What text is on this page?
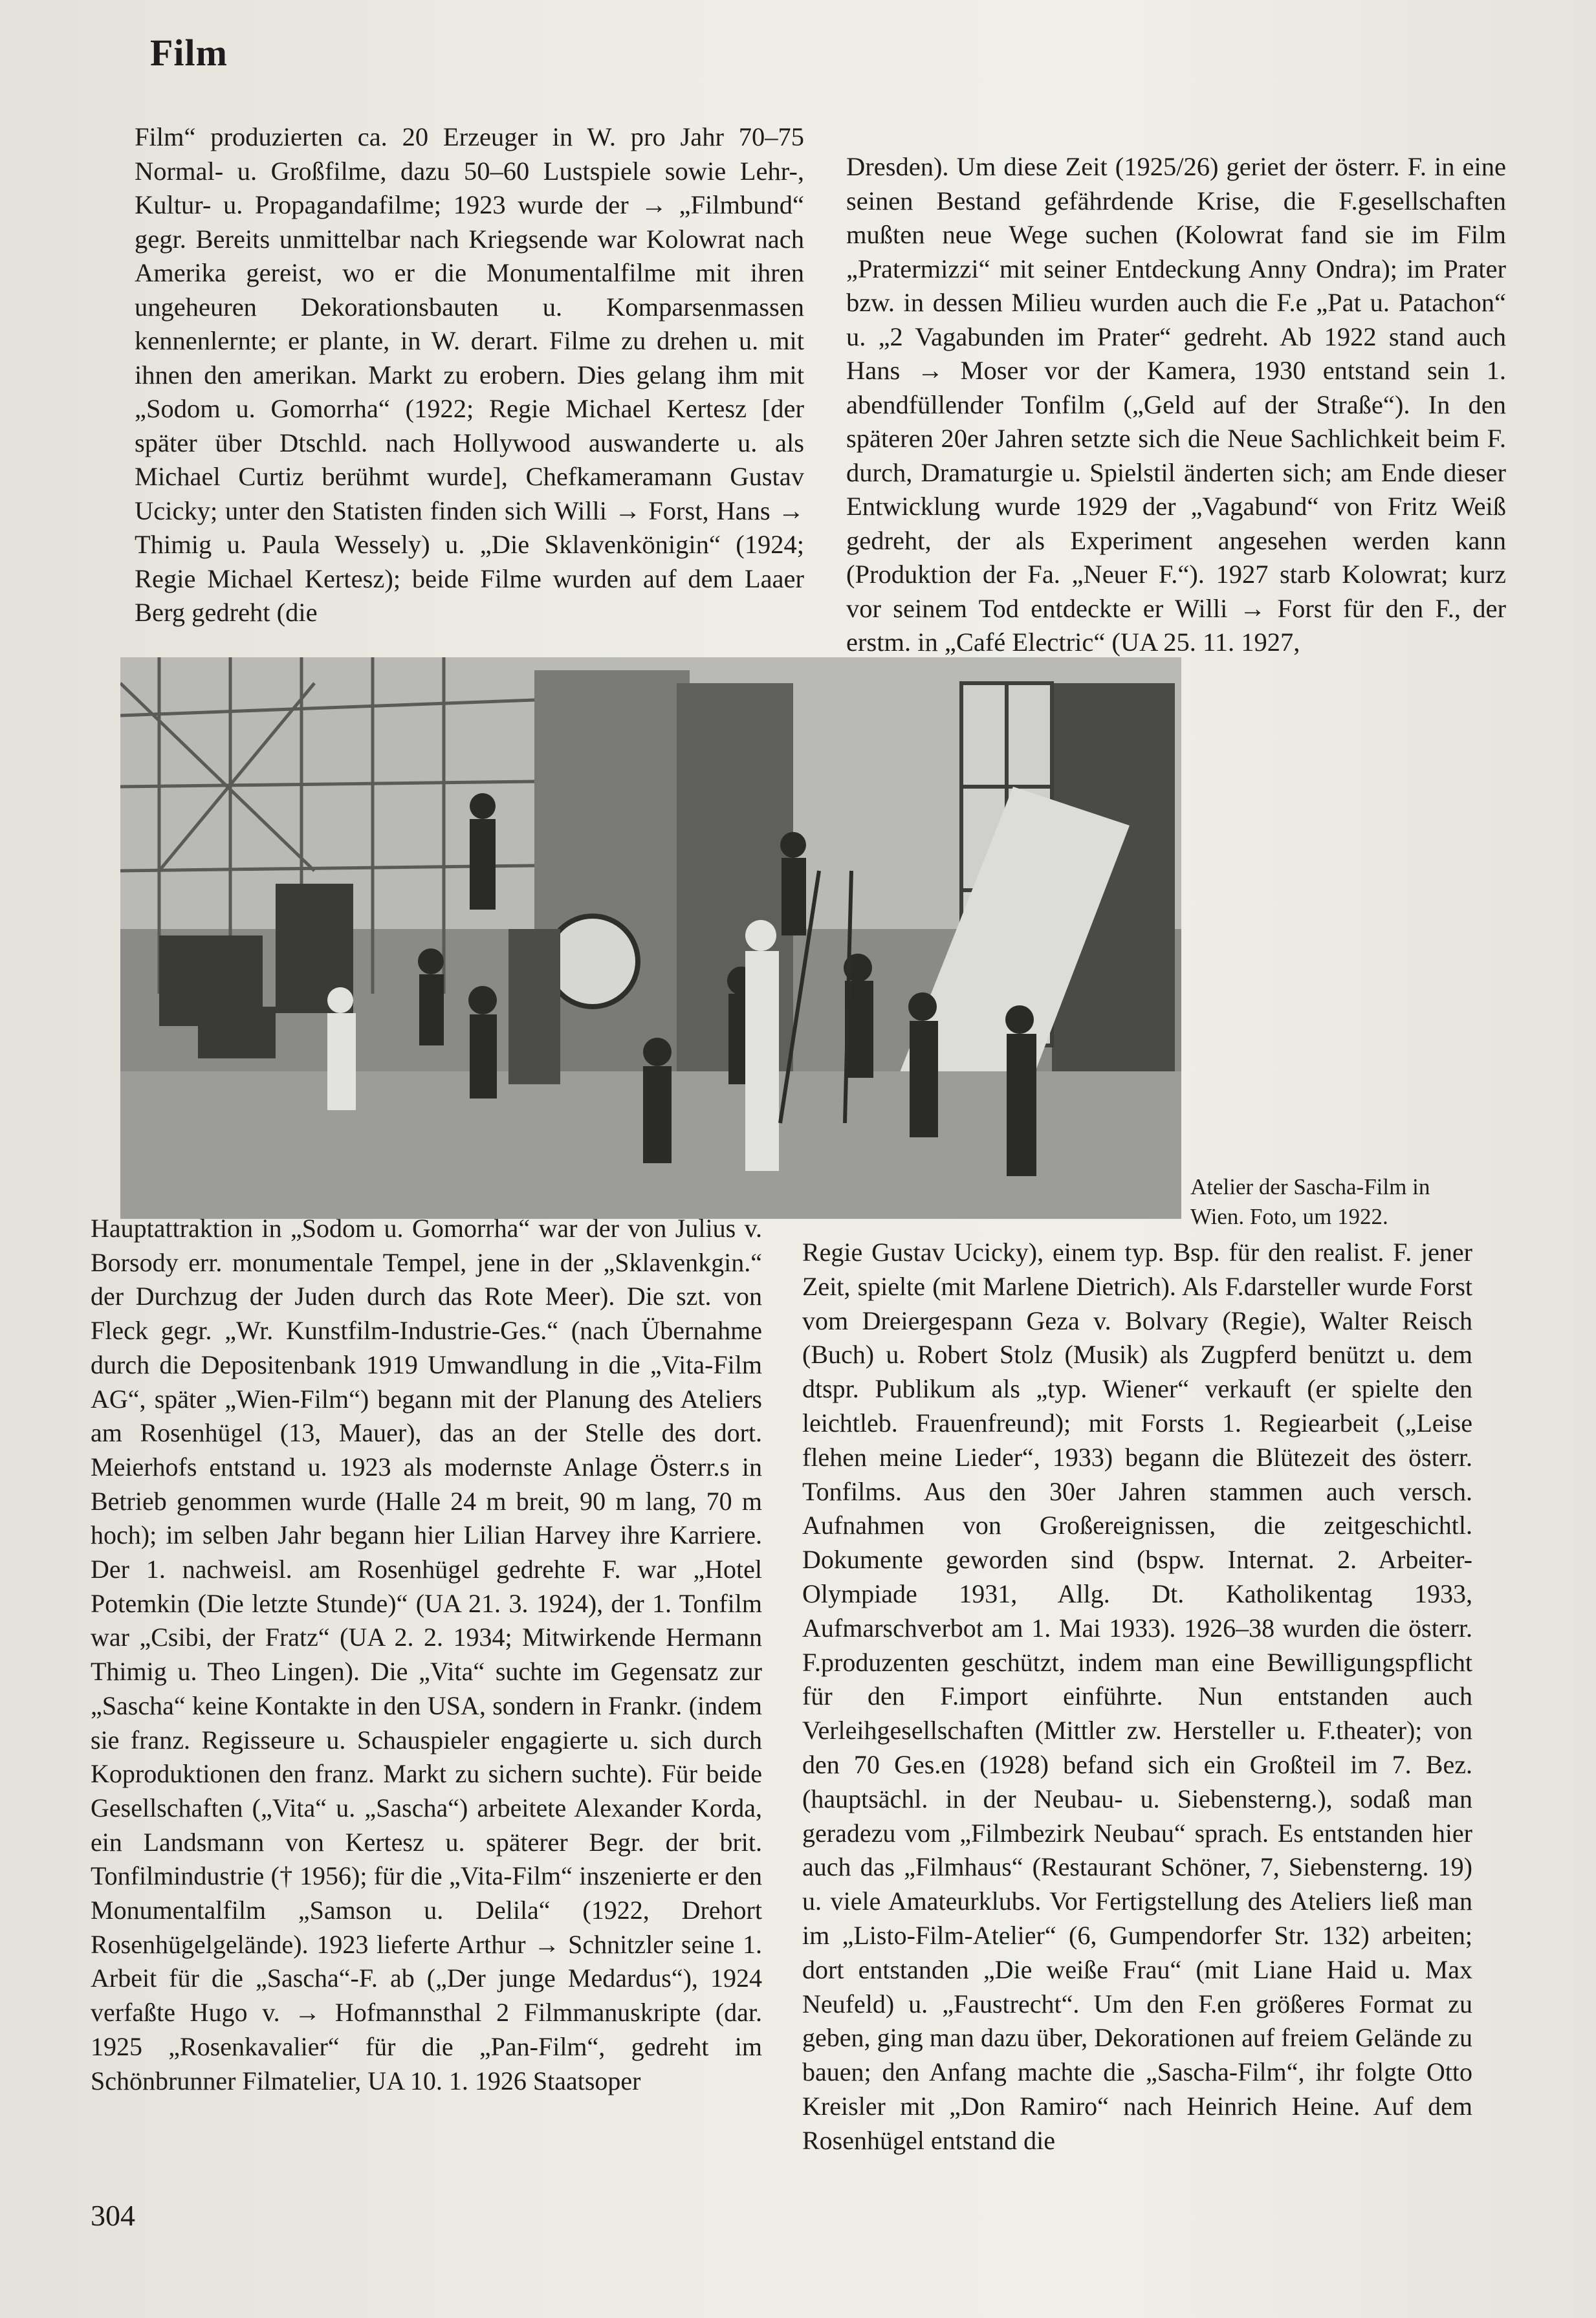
Film

Film“ produzierten ca. 20 Erzeuger in W. pro Jahr 70–75 Normal- u. Großfilme, dazu 50–60 Lustspiele sowie Lehr-, Kultur- u. Propagandafilme; 1923 wurde der → „Filmbund“ gegr. Bereits unmittelbar nach Kriegsende war Kolowrat nach Amerika gereist, wo er die Monumentalfilme mit ihren ungeheuren Dekorationsbauten u. Komparsenmassen kennenlernte; er plante, in W. derart. Filme zu drehen u. mit ihnen den amerikan. Markt zu erobern. Dies gelang ihm mit „Sodom u. Gomorrha“ (1922; Regie Michael Kertesz [der später über Dtschld. nach Hollywood auswanderte u. als Michael Curtiz berühmt wurde], Chefkameramann Gustav Ucicky; unter den Statisten finden sich Willi → Forst, Hans → Thimig u. Paula Wessely) u. „Die Sklavenkönigin“ (1924; Regie Michael Kertesz); beide Filme wurden auf dem Laaer Berg gedreht (die

Dresden). Um diese Zeit (1925/26) geriet der österr. F. in eine seinen Bestand gefährdende Krise, die F.gesellschaften mußten neue Wege suchen (Kolowrat fand sie im Film „Pratermizzi“ mit seiner Entdeckung Anny Ondra); im Prater bzw. in dessen Milieu wurden auch die F.e „Pat u. Patachon“ u. „2 Vagabunden im Prater“ gedreht. Ab 1922 stand auch Hans → Moser vor der Kamera, 1930 entstand sein 1. abendfüllender Tonfilm („Geld auf der Straße“). In den späteren 20er Jahren setzte sich die Neue Sachlichkeit beim F. durch, Dramaturgie u. Spielstil änderten sich; am Ende dieser Entwicklung wurde 1929 der „Vagabund“ von Fritz Weiß gedreht, der als Experiment angesehen werden kann (Produktion der Fa. „Neuer F.“). 1927 starb Kolowrat; kurz vor seinem Tod entdeckte er Willi → Forst für den F., der erstm. in „Café Electric“ (UA 25. 11. 1927,

Atelier der Sascha-Film in Wien. Foto, um 1922.

Hauptattraktion in „Sodom u. Gomorrha“ war der von Julius v. Borsody err. monumentale Tempel, jene in der „Sklavenkgin.“ der Durchzug der Juden durch das Rote Meer). Die szt. von Fleck gegr. „Wr. Kunstfilm-Industrie-Ges.“ (nach Übernahme durch die Depositenbank 1919 Umwandlung in die „Vita-Film AG“, später „Wien-Film“) begann mit der Planung des Ateliers am Rosenhügel (13, Mauer), das an der Stelle des dort. Meierhofs entstand u. 1923 als modernste Anlage Österr.s in Betrieb genommen wurde (Halle 24 m breit, 90 m lang, 70 m hoch); im selben Jahr begann hier Lilian Harvey ihre Karriere. Der 1. nachweisl. am Rosenhügel gedrehte F. war „Hotel Potemkin (Die letzte Stunde)“ (UA 21. 3. 1924), der 1. Tonfilm war „Csibi, der Fratz“ (UA 2. 2. 1934; Mitwirkende Hermann Thimig u. Theo Lingen). Die „Vita“ suchte im Gegensatz zur „Sascha“ keine Kontakte in den USA, sondern in Frankr. (indem sie franz. Regisseure u. Schauspieler engagierte u. sich durch Koproduktionen den franz. Markt zu sichern suchte). Für beide Gesellschaften („Vita“ u. „Sascha“) arbeitete Alexander Korda, ein Landsmann von Kertesz u. späterer Begr. der brit. Tonfilmindustrie († 1956); für die „Vita-Film“ inszenierte er den Monumentalfilm „Samson u. Delila“ (1922, Drehort Rosenhügelgelände). 1923 lieferte Arthur → Schnitzler seine 1. Arbeit für die „Sascha“-F. ab („Der junge Medardus“), 1924 verfaßte Hugo v. → Hofmannsthal 2 Filmmanuskripte (dar. 1925 „Rosenkavalier“ für die „Pan-Film“, gedreht im Schönbrunner Filmatelier, UA 10. 1. 1926 Staatsoper

Regie Gustav Ucicky), einem typ. Bsp. für den realist. F. jener Zeit, spielte (mit Marlene Dietrich). Als F.darsteller wurde Forst vom Dreiergespann Geza v. Bolvary (Regie), Walter Reisch (Buch) u. Robert Stolz (Musik) als Zugpferd benützt u. dem dtspr. Publikum als „typ. Wiener“ verkauft (er spielte den leichtleb. Frauenfreund); mit Forsts 1. Regiearbeit („Leise flehen meine Lieder“, 1933) begann die Blütezeit des österr. Tonfilms. Aus den 30er Jahren stammen auch versch. Aufnahmen von Großereignissen, die zeitgeschichtl. Dokumente geworden sind (bspw. Internat. 2. Arbeiter-Olympiade 1931, Allg. Dt. Katholikentag 1933, Aufmarschverbot am 1. Mai 1933). 1926–38 wurden die österr. F.produzenten geschützt, indem man eine Bewilligungspflicht für den F.import einführte. Nun entstanden auch Verleihgesellschaften (Mittler zw. Hersteller u. F.theater); von den 70 Ges.en (1928) befand sich ein Großteil im 7. Bez. (hauptsächl. in der Neubau- u. Siebensterng.), sodaß man geradezu vom „Filmbezirk Neubau“ sprach. Es entstanden hier auch das „Filmhaus“ (Restaurant Schöner, 7, Siebensterng. 19) u. viele Amateurklubs. Vor Fertigstellung des Ateliers ließ man im „Listo-Film-Atelier“ (6, Gumpendorfer Str. 132) arbeiten; dort entstanden „Die weiße Frau“ (mit Liane Haid u. Max Neufeld) u. „Faustrecht“. Um den F.en größeres Format zu geben, ging man dazu über, Dekorationen auf freiem Gelände zu bauen; den Anfang machte die „Sascha-Film“, ihr folgte Otto Kreisler mit „Don Ramiro“ nach Heinrich Heine. Auf dem Rosenhügel entstand die

304
